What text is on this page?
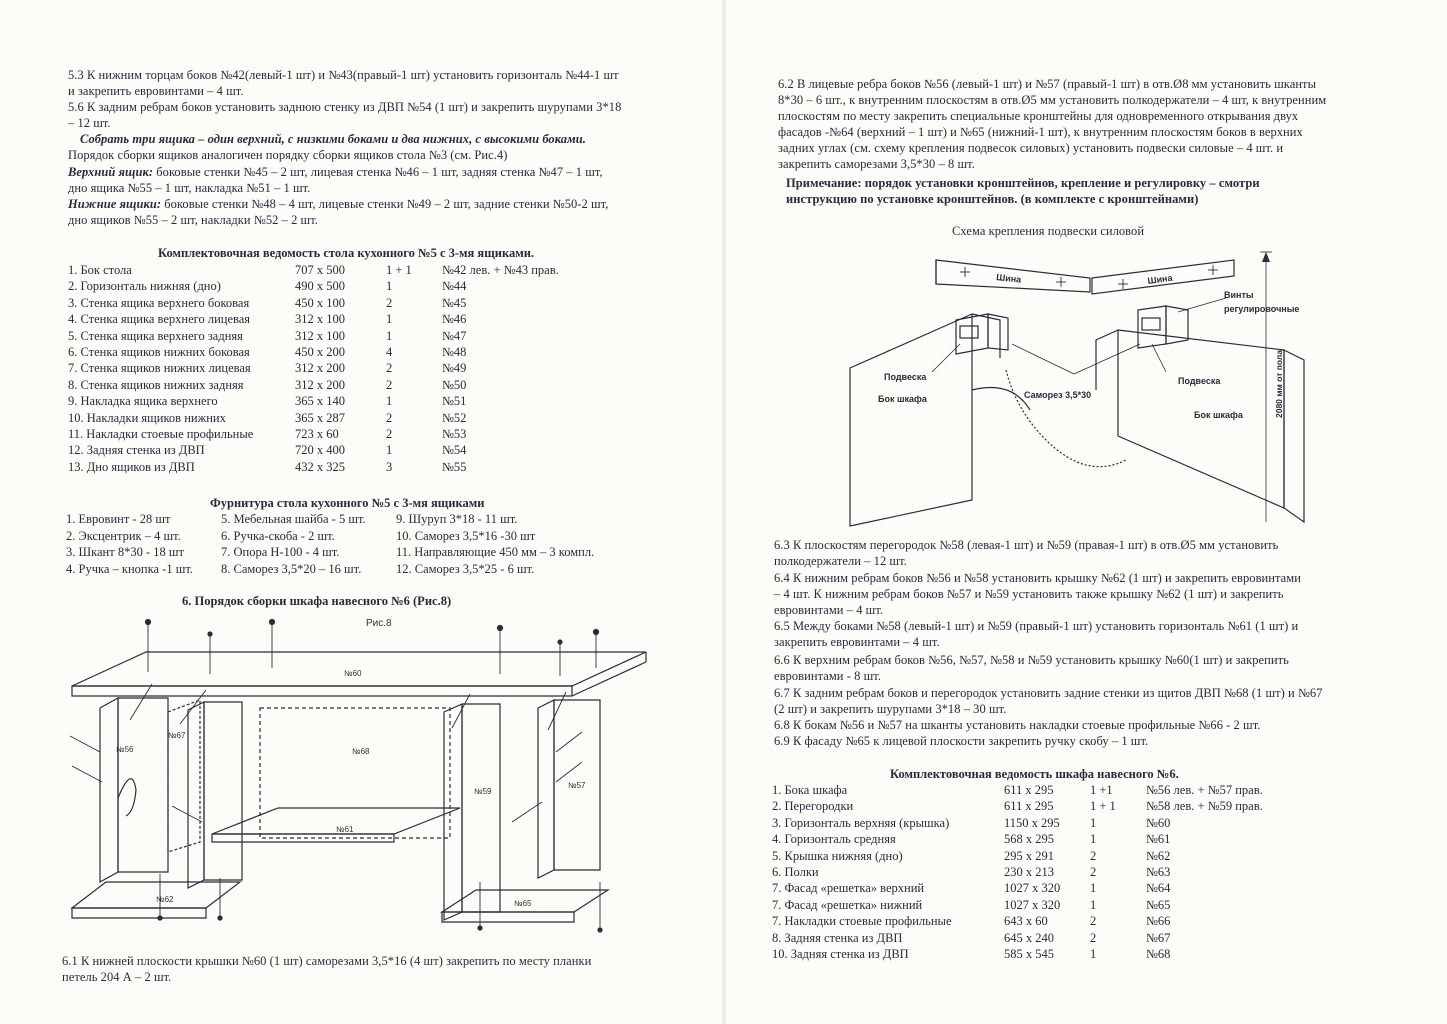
5.3 К нижним торцам боков №42(левый-1 шт) и №43(правый-1 шт) установить горизонталь №44-1 шт
и закрепить евровинтами – 4 шт.

5.6 К задним ребрам боков установить заднюю стенку из ДВП №54 (1 шт) и закрепить шурупами 3*18
– 12 шт.

Собрать три ящика – один верхний, с низкими боками и два нижних, с высокими боками.

Порядок сборки ящиков аналогичен порядку сборки ящиков стола №3 (см. Рис.4)

Верхний ящик: боковые стенки №45 – 2 шт, лицевая стенка №46 – 1 шт, задняя стенка №47 – 1 шт,
дно ящика №55 – 1 шт, накладка №51 – 1 шт.

Нижние ящики: боковые стенки №48 – 4 шт, лицевые стенки №49 – 2 шт, задние стенки №50-2 шт,
дно ящиков №55 – 2 шт, накладки №52 – 2 шт.

Комплектовочная ведомость стола кухонного №5 с 3-мя ящиками.

1. Бок стола	707 х 500	1 + 1 №42 лев. + №43 прав.
2. Горизонталь нижняя (дно)	490 х 500	1	№44
3. Стенка ящика верхнего боковая	450 х 100	2	№45
4. Стенка ящика верхнего лицевая	312 х 100	1	№46
5. Стенка ящика верхнего задняя	312 х 100	1	№47
6. Стенка ящиков нижних боковая	450 х 200	4	№48
7. Стенка ящиков нижних лицевая	312 х 200	2	№49
8. Стенка ящиков нижних задняя	312 х 200	2	№50
9. Накладка ящика верхнего	365 х 140	1	№51
10. Накладки ящиков нижних	365 х 287	2	№52
11. Накладки стоевые профильные	723 х 60	2	№53
12. Задняя стенка из ДВП	720 х 400	1	№54
13. Дно ящиков из ДВП	432 х 325	3	№55

Фурнитура стола кухонного №5 с 3-мя ящиками

1. Евровинт - 28 шт	5. Мебельная шайба - 5 шт. 9. Шуруп 3*18 - 11 шт.
2. Эксцентрик – 4 шт.	6. Ручка-скоба - 2 шт.	10. Саморез 3,5*16 -30 шт
3. Шкант 8*30 - 18 шт	7. Опора Н-100 - 4 шт.	11. Направляющие 450 мм – 3 компл.
4. Ручка – кнопка -1 шт. 8. Саморез 3,5*20 – 16 шт.	12. Саморез 3,5*25 - 6 шт.

6. Порядок сборки шкафа навесного №6 (Рис.8)

Рис.8
№60
№56
№67
№68
№59
№57
№61
№62	№65

6.1 К нижней плоскости крышки №60 (1 шт) саморезами 3,5*16 (4 шт) закрепить по месту планки
петель 204 А – 2 шт.

6.2 В лицевые ребра боков №56 (левый-1 шт) и №57 (правый-1 шт) в отв.Ø8 мм установить шканты
8*30 – 6 шт., к внутренним плоскостям в отв.Ø5 мм установить полкодержатели – 4 шт, к внутренним
плоскостям по месту закрепить специальные кронштейны для одновременного открывания двух
фасадов -№64 (верхний – 1 шт) и №65 (нижний-1 шт), к внутренним плоскостям боков в верхних
задних углах (см. схему крепления подвесок силовых) установить подвески силовые – 4 шт. и
закрепить саморезами 3,5*30 – 8 шт.

Примечание: порядок установки кронштейнов, крепление и регулировку – смотри
инструкцию по установке кронштейнов. (в комплекте с кронштейнами)

Схема крепления подвески силовой

Шина	Шина
Винты
регулировочные
Подвеска
Бок шкафа	Саморез 3,5*30
Подвеска
Бок шкафа	2080 мм от пола

6.3 К плоскостям перегородок №58 (левая-1 шт) и №59 (правая-1 шт) в отв.Ø5 мм установить
полкодержатели – 12 шт.

6.4 К нижним ребрам боков №56 и №58 установить крышку №62 (1 шт) и закрепить евровинтами
– 4 шт. К нижним ребрам боков №57 и №59 установить также крышку №62 (1 шт) и закрепить
евровинтами – 4 шт.

6.5 Между боками №58 (левый-1 шт) и №59 (правый-1 шт) установить горизонталь №61 (1 шт) и
закрепить евровинтами – 4 шт.

6.6 К верхним ребрам боков №56, №57, №58 и №59 установить крышку №60(1 шт) и закрепить
евровинтами - 8 шт.

6.7 К задним ребрам боков и перегородок установить задние стенки из щитов ДВП №68 (1 шт) и №67
(2 шт) и закрепить шурупами 3*18 – 30 шт.

6.8 К бокам №56 и №57 на шканты установить накладки стоевые профильные №66 - 2 шт.

6.9 К фасаду №65 к лицевой плоскости закрепить ручку скобу – 1 шт.

Комплектовочная ведомость шкафа навесного №6.

1. Бока шкафа	611 х 295	1 +1	№56 лев. + №57 прав.
2. Перегородки	611 х 295	1 + 1 №58 лев. + №59 прав.
3. Горизонталь верхняя (крышка)	1150 х 295 1	№60
4. Горизонталь средняя	568 х 295	1	№61
5. Крышка нижняя (дно)	295 х 291	2	№62
6. Полки	230 х 213	2	№63
7. Фасад «решетка» верхний	1027 х 320 1	№64
7. Фасад «решетка» нижний	1027 х 320 1	№65
7. Накладки стоевые профильные	643 х 60	2	№66
8. Задняя стенка из ДВП	645 х 240	2	№67
10. Задняя стенка из ДВП	585 х 545	1	№68
